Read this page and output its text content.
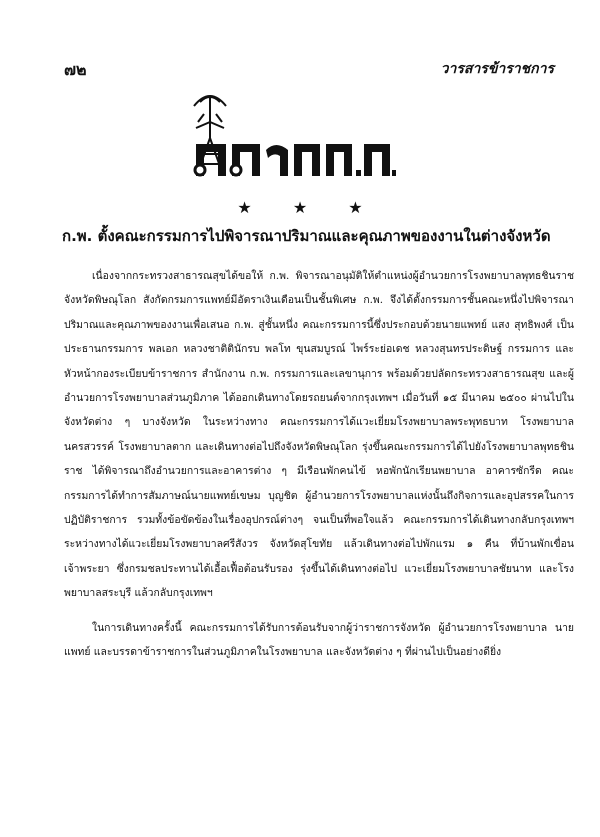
๗๒	วารสารข้าราชการ
★ ★ ★
ก.พ. ตั้งคณะกรรมการไปพิจารณาปริมาณและคุณภาพของงานในต่างจังหวัด

เนื่องจากกระทรวงสาธารณสุขได้ขอให้ ก.พ. พิจารณาอนุมัติให้ตำแหน่งผู้อำนวยการโรงพยาบาลพุทธชินราช จังหวัดพิษณุโลก สังกัดกรมการแพทย์มีอัตราเงินเดือนเป็นชั้นพิเศษ ก.พ. จึงได้ตั้งกรรมการชั้นคณะหนึ่งไปพิจารณาปริมาณและคุณภาพของงานเพื่อเสนอ ก.พ. สู่ชั้นหนึ่ง คณะกรรมการนี้ซึ่งประกอบด้วยนายแพทย์ แสง สุทธิพงศ์ เป็นประธานกรรมการ พลเอก หลวงชาติตินักรบ พลโท ขุนสมบูรณ์ ไพร์ระย่อเดช หลวงสุนทรประดิษฐ์ กรรมการ และหัวหน้ากองระเบียบข้าราชการ สำนักงาน ก.พ. กรรมการและเลขานุการ พร้อมด้วยปลัดกระทรวงสาธารณสุข และผู้อำนวยการโรงพยาบาลส่วนภูมิภาค ได้ออกเดินทางโดยรถยนต์จากกรุงเทพฯ เมื่อวันที่ ๑๕ มีนาคม ๒๕๐๐ ผ่านไปในจังหวัดต่าง ๆ บางจังหวัด ในระหว่างทาง คณะกรรมการได้แวะเยี่ยมโรงพยาบาลพระพุทธบาท โรงพยาบาลนครสวรรค์ โรงพยาบาลตาก และเดินทางต่อไปถึงจังหวัดพิษณุโลก รุ่งขึ้นคณะกรรมการได้ไปยังโรงพยาบาลพุทธชินราช ได้พิจารณาถึงอำนวยการและอาคารต่าง ๆ มีเรือนพักคนไข้ หอพักนักเรียนพยาบาล อาคารซักรีด คณะกรรมการได้ทำการสัมภาษณ์นายแพทย์เขษม บุญชิต ผู้อำนวยการโรงพยาบาลแห่งนั้นถึงกิจการและอุปสรรคในการปฏิบัติราชการ รวมทั้งข้อขัดข้องในเรื่องอุปกรณ์ต่างๆ จนเป็นที่พอใจแล้ว คณะกรรมการได้เดินทางกลับกรุงเทพฯ ระหว่างทางได้แวะเยี่ยมโรงพยาบาลศรีสังวร จังหวัดสุโขทัย แล้วเดินทางต่อไปพักแรม ๑ คืน ที่บ้านพักเขื่อนเจ้าพระยา ซึ่งกรมชลประทานได้เอื้อเฟื้อต้อนรับรอง รุ่งขึ้นได้เดินทางต่อไป แวะเยี่ยมโรงพยาบาลชัยนาท และโรงพยาบาลสระบุรี แล้วกลับกรุงเทพฯ

ในการเดินทางครั้งนี้ คณะกรรมการได้รับการต้อนรับจากผู้ว่าราชการจังหวัด ผู้อำนวยการโรงพยาบาล นายแพทย์ และบรรดาข้าราชการในส่วนภูมิภาคในโรงพยาบาล และจังหวัดต่าง ๆ ที่ผ่านไปเป็นอย่างดียิ่ง
